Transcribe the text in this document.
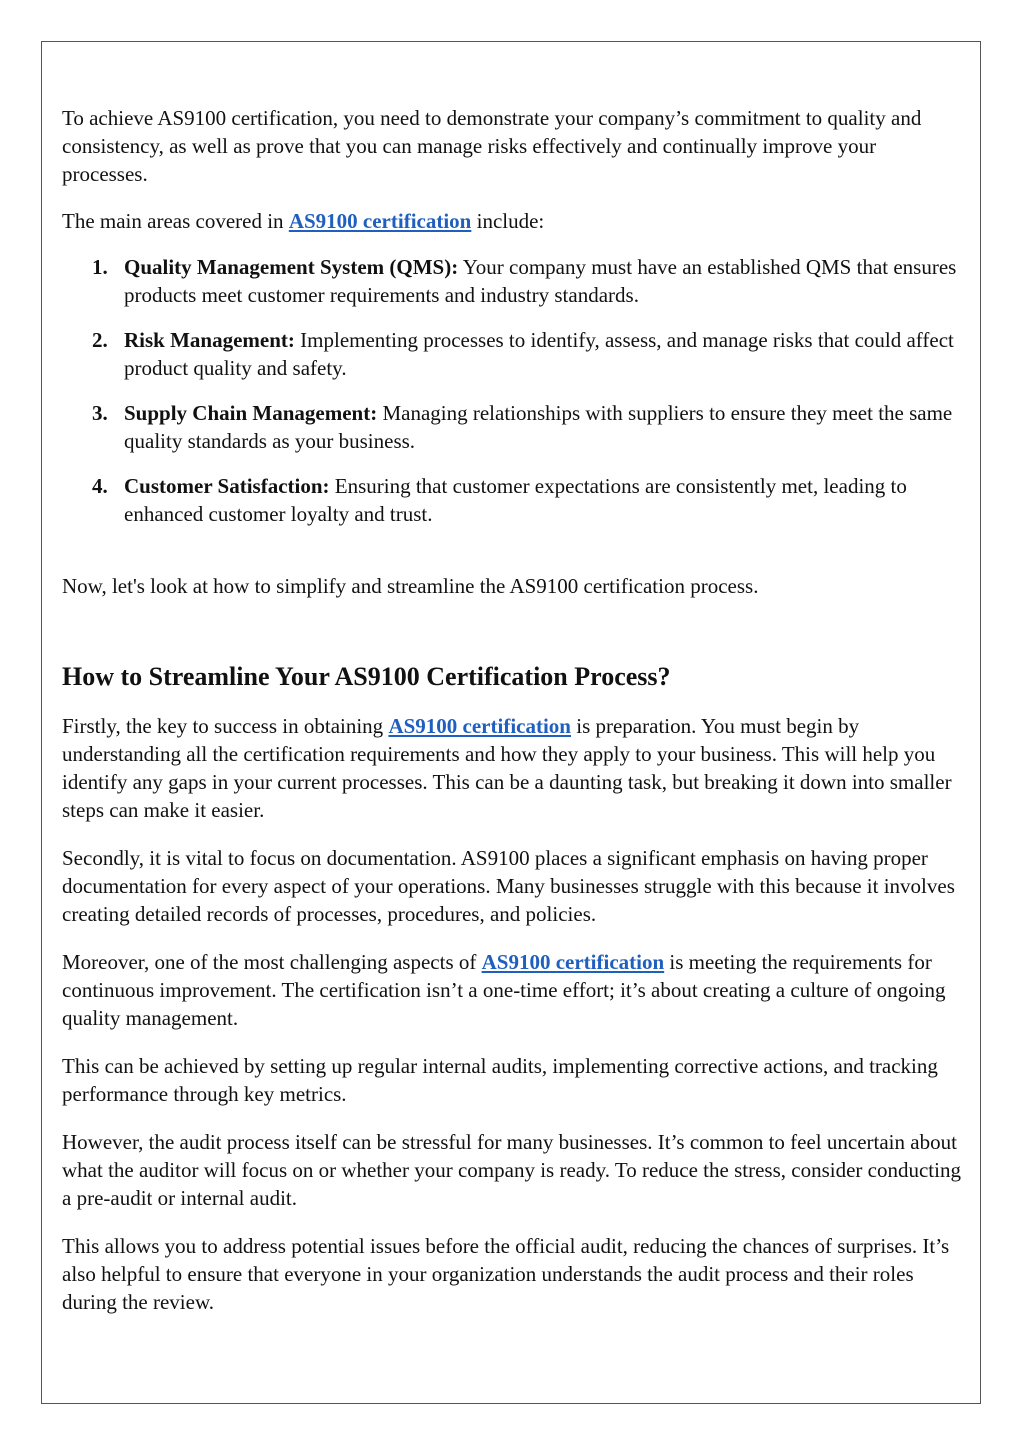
To achieve AS9100 certification, you need to demonstrate your company’s commitment to quality and consistency, as well as prove that you can manage risks effectively and continually improve your processes.

The main areas covered in AS9100 certification include:

1. Quality Management System (QMS): Your company must have an established QMS that ensures products meet customer requirements and industry standards.
2. Risk Management: Implementing processes to identify, assess, and manage risks that could affect product quality and safety.
3. Supply Chain Management: Managing relationships with suppliers to ensure they meet the same quality standards as your business.
4. Customer Satisfaction: Ensuring that customer expectations are consistently met, leading to enhanced customer loyalty and trust.

Now, let's look at how to simplify and streamline the AS9100 certification process.

How to Streamline Your AS9100 Certification Process?

Firstly, the key to success in obtaining AS9100 certification is preparation. You must begin by understanding all the certification requirements and how they apply to your business. This will help you identify any gaps in your current processes. This can be a daunting task, but breaking it down into smaller steps can make it easier.

Secondly, it is vital to focus on documentation. AS9100 places a significant emphasis on having proper documentation for every aspect of your operations. Many businesses struggle with this because it involves creating detailed records of processes, procedures, and policies.

Moreover, one of the most challenging aspects of AS9100 certification is meeting the requirements for continuous improvement. The certification isn’t a one-time effort; it’s about creating a culture of ongoing quality management.

This can be achieved by setting up regular internal audits, implementing corrective actions, and tracking performance through key metrics.

However, the audit process itself can be stressful for many businesses. It’s common to feel uncertain about what the auditor will focus on or whether your company is ready. To reduce the stress, consider conducting a pre-audit or internal audit.

This allows you to address potential issues before the official audit, reducing the chances of surprises. It’s also helpful to ensure that everyone in your organization understands the audit process and their roles during the review.
